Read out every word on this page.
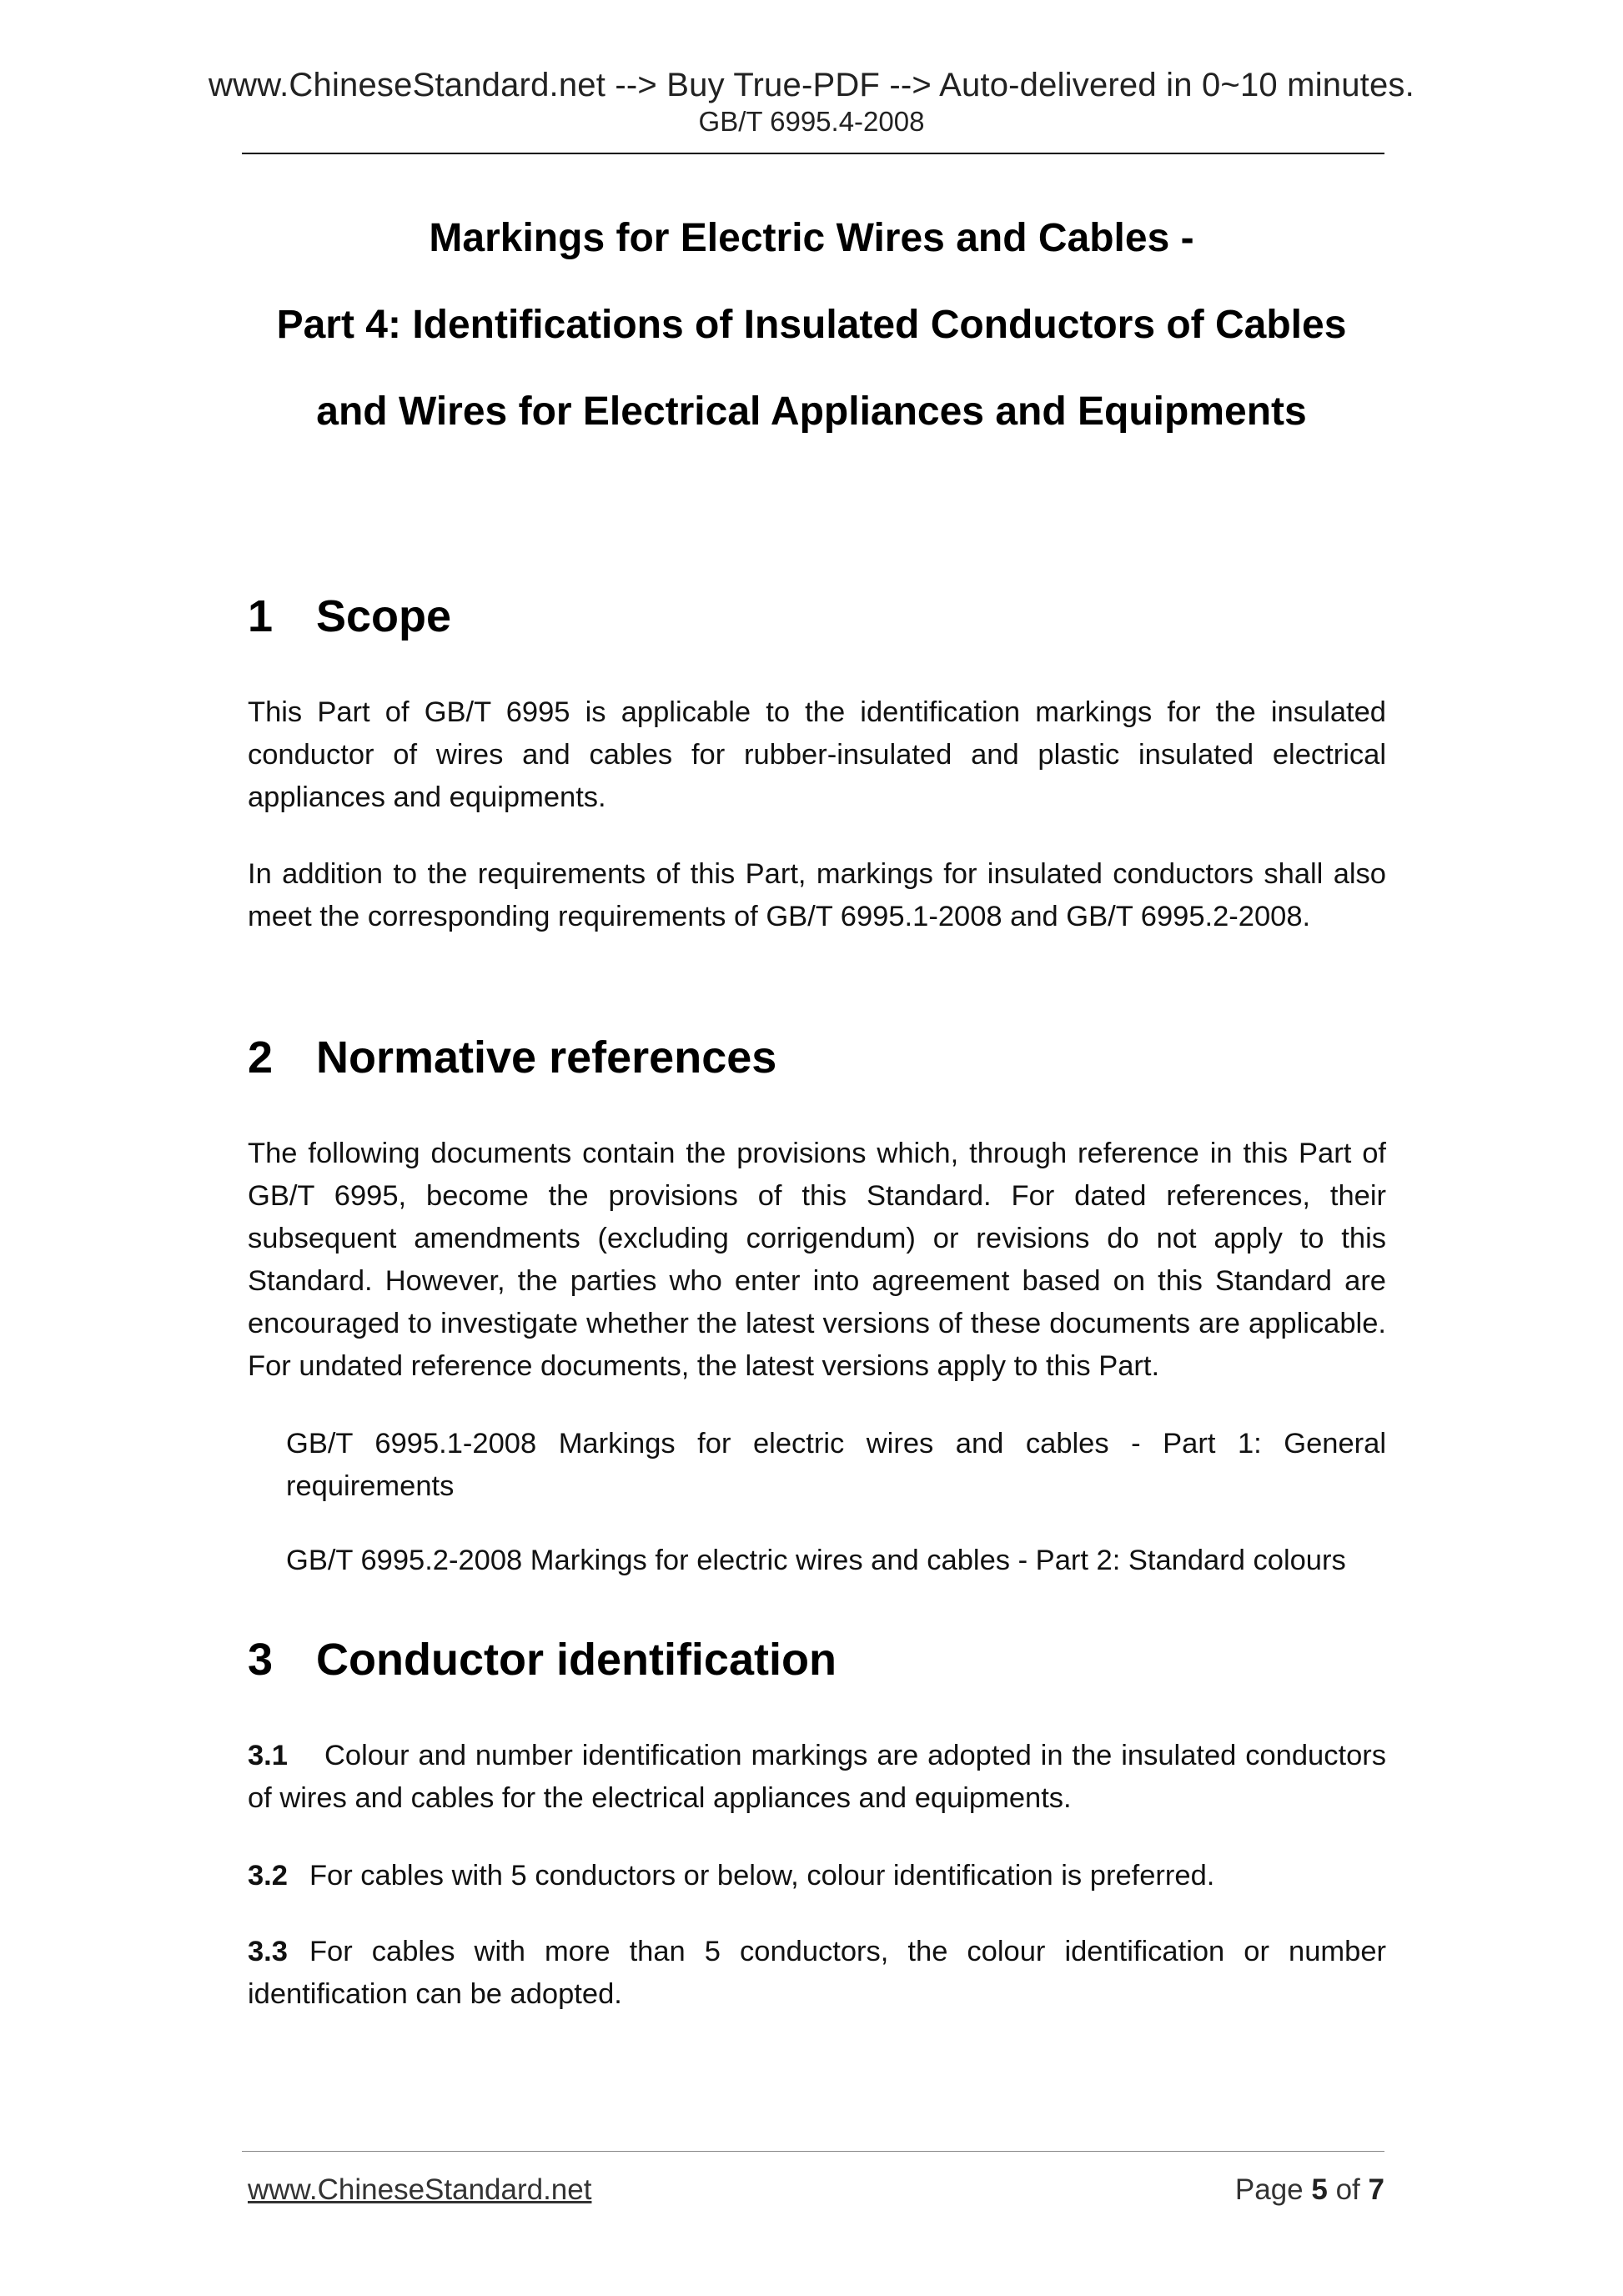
www.ChineseStandard.net --> Buy True-PDF --> Auto-delivered in 0~10 minutes.
GB/T 6995.4-2008
Markings for Electric Wires and Cables -
Part 4: Identifications of Insulated Conductors of Cables
and Wires for Electrical Appliances and Equipments
1 Scope
This Part of GB/T 6995 is applicable to the identification markings for the insulated conductor of wires and cables for rubber-insulated and plastic insulated electrical appliances and equipments.
In addition to the requirements of this Part, markings for insulated conductors shall also meet the corresponding requirements of GB/T 6995.1-2008 and GB/T 6995.2-2008.
2 Normative references
The following documents contain the provisions which, through reference in this Part of GB/T 6995, become the provisions of this Standard. For dated references, their subsequent amendments (excluding corrigendum) or revisions do not apply to this Standard. However, the parties who enter into agreement based on this Standard are encouraged to investigate whether the latest versions of these documents are applicable. For undated reference documents, the latest versions apply to this Part.
GB/T 6995.1-2008 Markings for electric wires and cables - Part 1: General requirements
GB/T 6995.2-2008 Markings for electric wires and cables - Part 2: Standard colours
3 Conductor identification
3.1 Colour and number identification markings are adopted in the insulated conductors of wires and cables for the electrical appliances and equipments.
3.2 For cables with 5 conductors or below, colour identification is preferred.
3.3 For cables with more than 5 conductors, the colour identification or number identification can be adopted.
www.ChineseStandard.net	Page 5 of 7
